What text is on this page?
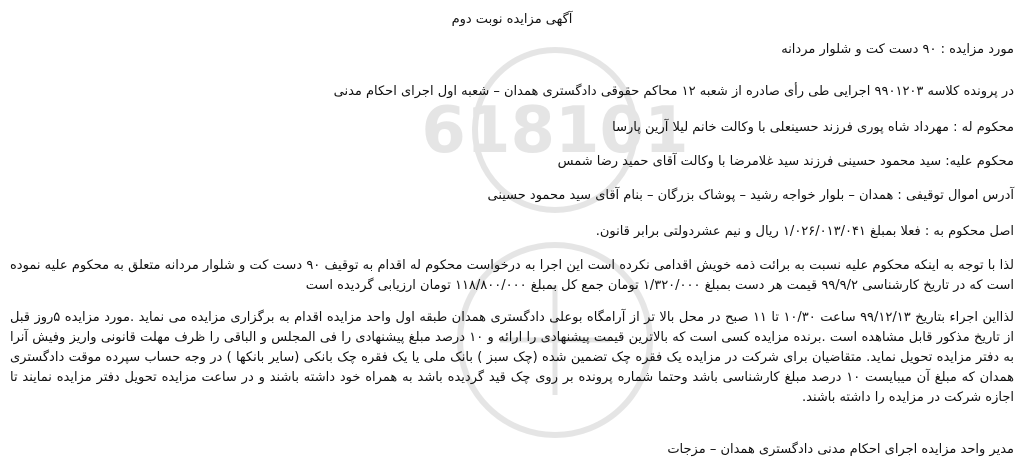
618101
آگهی مزایده نوبت دوم
مورد مزایده : ۹۰ دست کت و شلوار مردانه
در پرونده کلاسه ۹۹۰۱۲۰۳ اجرایی طی رأی صادره از شعبه ۱۲ محاکم حقوقی دادگستری همدان – شعبه اول اجرای احکام مدنی
محکوم له : مهرداد شاه پوری فرزند حسینعلی با وکالت خانم لیلا آرین پارسا
محکوم علیه: سید محمود حسینی فرزند سید غلامرضا با وکالت آقای حمید رضا شمس
آدرس اموال توقیفی : همدان – بلوار خواجه رشید – پوشاک بزرگان – بنام آقای سید محمود حسینی
اصل محکوم به : فعلا بمبلغ ۱/۰۲۶/۰۱۳/۰۴۱ ریال و نیم عشردولتی برابر قانون.
لذا با توجه به اینکه محکوم علیه نسبت به برائت ذمه خویش اقدامی نکرده است این اجرا به درخواست محکوم له اقدام به توقیف ۹۰ دست کت و شلوار مردانه متعلق به محکوم علیه نموده است که در تاریخ کارشناسی ۹۹/۹/۲ قیمت هر دست بمبلغ ۱/۳۲۰/۰۰۰ تومان جمع کل بمبلغ ۱۱۸/۸۰۰/۰۰۰ تومان ارزیابی گردیده است
لذااین اجراء بتاریخ ۹۹/۱۲/۱۳ ساعت ۱۰/۳۰ تا ۱۱ صبح در محل بالا تر از آرامگاه بوعلی دادگستری همدان طبقه اول واحد مزایده اقدام به برگزاری مزایده می نماید .مورد مزایده ۵روز قبل از تاریخ مذکور قابل مشاهده است .برنده مزایده کسی است که بالاترین قیمت پیشنهادی را ارائه و ۱۰ درصد مبلغ پیشنهادی را فی المجلس و الباقی را ظرف مهلت قانونی واریز وفیش آنرا به دفتر مزایده تحویل نماید. متقاضیان برای شرکت در مزایده یک فقره چک تضمین شده (چک سبز ) بانک ملی یا یک فقره چک بانکی (سایر بانکها ) در وجه حساب سپرده موقت دادگستری همدان که مبلغ آن میبایست ۱۰ درصد مبلغ کارشناسی باشد وحتما شماره پرونده بر روی چک قید گردیده باشد به همراه خود داشته باشند و در ساعت مزایده تحویل دفتر مزایده نمایند تا اجازه شرکت در مزایده را داشته باشند.
مدیر واحد مزایده اجرای احکام مدنی دادگستری همدان – مزجات
